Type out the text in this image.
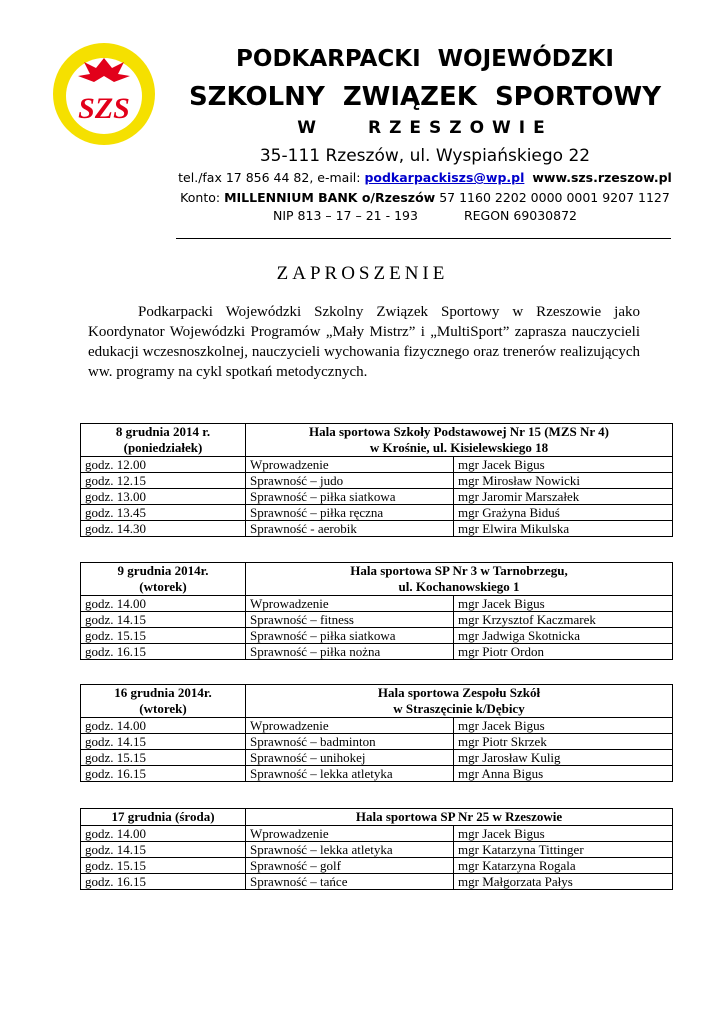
SZS
PODKARPACKI WOJEWÓDZKI
SZKOLNY ZWIĄZEK SPORTOWY
W	RZESZOWIE
35-111 Rzeszów, ul. Wyspiańskiego 22
tel./fax 17 856 44 82, e-mail: podkarpackiszs@wp.pl www.szs.rzeszow.pl
Konto: MILLENNIUM BANK o/Rzeszów 57 1160 2202 0000 0001 9207 1127
NIP 813 – 17 – 21 - 193	REGON 69030872
ZAPROSZENIE
Podkarpacki Wojewódzki Szkolny Związek Sportowy w Rzeszowie jako Koordynator Wojewódzki Programów „Mały Mistrz” i „MultiSport” zaprasza nauczycieli edukacji wczesnoszkolnej, nauczycieli wychowania fizycznego oraz trenerów realizujących ww. programy na cykl spotkań metodycznych.
8 grudnia 2014 r.
(poniedziałek)	Hala sportowa Szkoły Podstawowej Nr 15 (MZS Nr 4)
w Krośnie, ul. Kisielewskiego 18	
godz. 12.00	Wprowadzenie	mgr Jacek Bigus
godz. 12.15	Sprawność – judo	mgr Mirosław Nowicki
godz. 13.00	Sprawność – piłka siatkowa	mgr Jaromir Marszałek
godz. 13.45	Sprawność – piłka ręczna	mgr Grażyna Biduś
godz. 14.30	Sprawność - aerobik	mgr Elwira Mikulska
9 grudnia 2014r.
(wtorek)	Hala sportowa SP Nr 3 w Tarnobrzegu,
ul. Kochanowskiego 1	
godz. 14.00	Wprowadzenie	mgr Jacek Bigus
godz. 14.15	Sprawność – fitness	mgr Krzysztof Kaczmarek
godz. 15.15	Sprawność – piłka siatkowa	mgr Jadwiga Skotnicka
godz. 16.15	Sprawność – piłka nożna	mgr Piotr Ordon
16 grudnia 2014r.
(wtorek)	Hala sportowa Zespołu Szkół
w Straszęcinie k/Dębicy	
godz. 14.00	Wprowadzenie	mgr Jacek Bigus
godz. 14.15	Sprawność – badminton	mgr Piotr Skrzek
godz. 15.15	Sprawność – unihokej	mgr Jarosław Kulig
godz. 16.15	Sprawność – lekka atletyka	mgr Anna Bigus
17 grudnia (środa)	Hala sportowa SP Nr 25 w Rzeszowie	
godz. 14.00	Wprowadzenie	mgr Jacek Bigus
godz. 14.15	Sprawność – lekka atletyka	mgr Katarzyna Tittinger
godz. 15.15	Sprawność – golf	mgr Katarzyna Rogala
godz. 16.15	Sprawność – tańce	mgr Małgorzata Pałys
